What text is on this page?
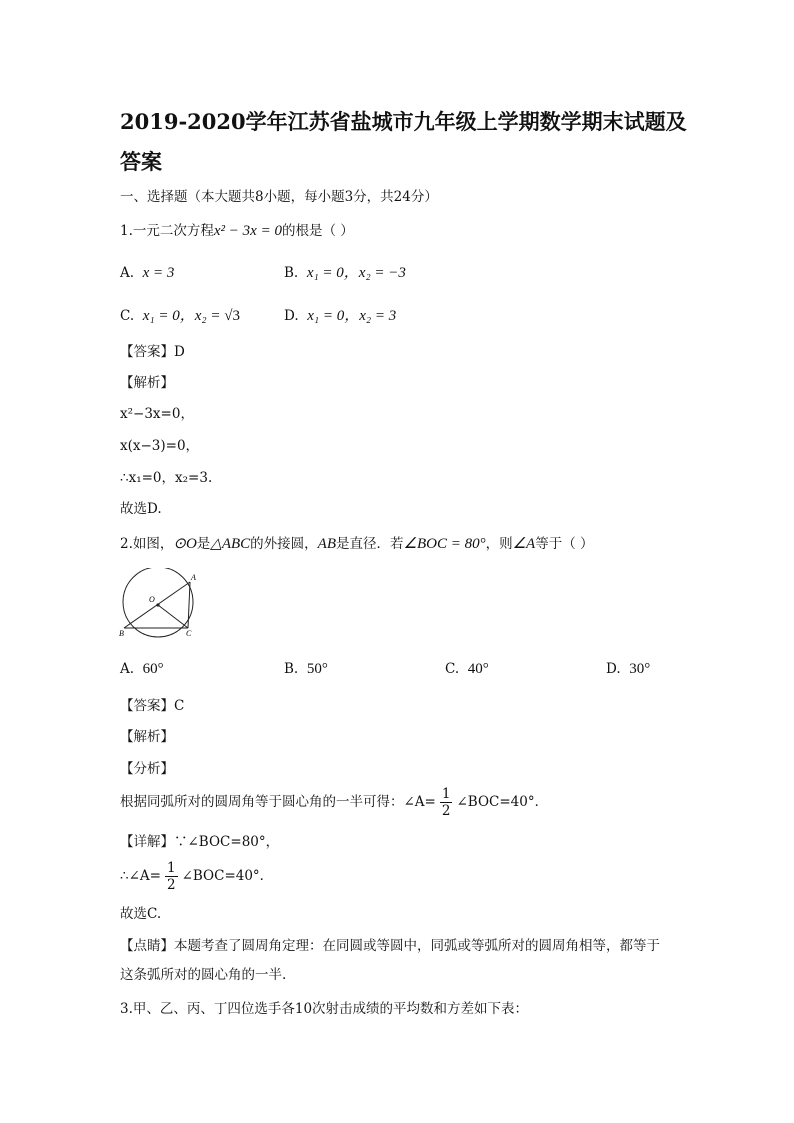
2019-2020学年江苏省盐城市九年级上学期数学期末试题及
答案
一、选择题（本大题共8小题，每小题3分，共24分）
1.一元二次方程x² − 3x = 0的根是（ ）
A. x = 3	B. x₁ = 0，x₂ = −3
C. x₁ = 0，x₂ = √3	D. x₁ = 0，x₂ = 3
【答案】D
【解析】
x²−3x=0，
x(x−3)=0，
∴x₁=0，x₂=3.
故选D.
2.如图，⊙O是△ABC的外接圆，AB是直径．若∠BOC = 80°，则∠A等于（ ）
A
O
B	C
A. 60°	B. 50°	C. 40°	D. 30°
【答案】C
【解析】
【分析】
根据同弧所对的圆周角等于圆心角的一半可得：∠A= $\frac{1}{2}$ ∠BOC=40°．
【详解】∵∠BOC=80°，
∴∠A= $\frac{1}{2}$ ∠BOC=40°．
故选C.
【点睛】本题考查了圆周角定理：在同圆或等圆中，同弧或等弧所对的圆周角相等，都等于
这条弧所对的圆心角的一半.
3.甲、乙、丙、丁四位选手各10次射击成绩的平均数和方差如下表：
